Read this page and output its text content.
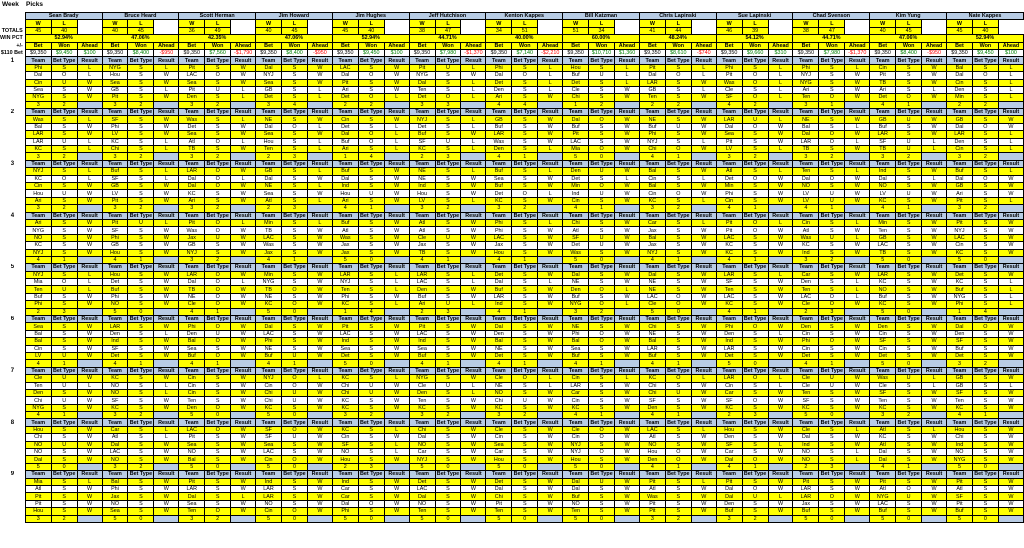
Week Picks
	Sean Brady			Bruce Heard			Scott Herman			Jim Howard			Jim Hughes			Jeff Hutchison			Kenton Kappes			Bill Katzman			Chris Lapinski			Sue Lapinski			Chad Svenson			Kim Yung			Nate Kappes		
	W	L		W	L		W	L		W	L		W	L		W	L		W	L		W	L		W	L		W	L		W	L		W	L		W	L	
TOTALS	45	40		40	45		36	49		40	45		45	40		38	47		34	51		51	34		41	44		46	39		38	47		40	45		45	40	
WIN PCT	52.94%			47.06%			42.35%			47.06%			52.94%			44.71%			40.00%			60.00%			48.24%			54.12%			44.71%			47.06%			52.94%		
+/-	Bet	Won	Ahead	Bet	Won	Ahead	Bet	Won	Ahead	Bet	Won	Ahead	Bet	Won	Ahead	Bet	Won	Ahead	Bet	Won	Ahead	Bet	Won	Ahead	Bet	Won	Ahead	Bet	Won	Ahead	Bet	Won	Ahead	Bet	Won	Ahead	Bet	Won	Ahead
$110 Bet	$9,350	$9,450	$100	$9,350	$8,400	-$950	$9,350	$7,560	-$1,790	$9,350	$8,400	-$950	$9,350	$9,450	$100	$9,350	$7,980	-$1,370	$9,350	$7,140	-$2,210	$9,350	$10,710	$1,360	$9,350	$8,610	-$740	$9,350	$9,660	$310	$9,350	$7,980	-$1,370	$9,350	$8,400	-$950	$9,350	$9,450	$100
1	Team	Bet Type	Result	Team	Bet Type	Result	Team	Bet Type	Result	Team	Bet Type	Result	Team	Bet Type	Result	Team	Bet Type	Result	Team	Bet Type	Result	Team	Bet Type	Result	Team	Bet Type	Result	Team	Bet Type	Result	Team	Bet Type	Result	Team	Bet Type	Result	Team	Bet Type	Result
	Phi	S	L	NYG	S	L	Pit	S	W	Dal	S	W	LAC	S	W	Pit	U	L	Phi	S	L	Hou	S	L	Pit	S	L	Phi	S	L	Phi	S	L	Cin	S	W	Bal	S	L
	Dal	O	L	Hou	S	W	LAC	O	W	NYJ	S	W	Dal	O	W	NYG	S	W	Dal	O	L	Buf	U	L	Dal	O	L	Pit	O	L	NYJ	S	W	Pit	S	W	Dal	O	L
	Cin	U	W	Sea	S	W	Sea	S	W	Sea	S	W	Pit	S	W	Dal	S	L	Det	S	L	Det	S	L	LAR	S	W	Was	O	L	NYG	S	W	TB	S	W	Cin	S	L
	Sea	S	W	GB	S	L	Pit	U	L	GB	S	L	Ari	S	W	Ten	S	L	Den	S	L	Cle	S	W	GB	S	L	Cle	S	L	Ari	S	W	Ari	S	L	Den	S	L
	NYG	S	W	Pit	S	W	Den	S	L	Det	S	L	Det	O	L	Det	O	L	Ari	S	W	Chi	S	W	Ten	S	W	SF	O	L	Ten	O	W	Det	O	W	Min	S	L
	3	2		3	2		3	2		3	4		2	2		3	3		4	4		1	2		2	2		4	2		3	1		4	1		2	2	
2	Team	Bet Type	Result	Team	Bet Type	Result	Team	Bet Type	Result	Team	Bet Type	Result	Team	Bet Type	Result	Team	Bet Type	Result	Team	Bet Type	Result	Team	Bet Type	Result	Team	Bet Type	Result	Team	Bet Type	Result	Team	Bet Type	Result	Team	Bet Type	Result	Team	Bet Type	Result
	Was	S	L	SF	S	W	Was	S	L	NE	S	W	Cin	S	W	NYJ	S	L	GB	S	W	Dal	O	W	NE	S	W	LAR	U	L	NE	S	W	GB	U	W	GB	S	W
	Bal	S	W	Phi	S	W	Det	S	W	Dal	O	L	Det	S	L	Det	S	L	Buf	S	W	Buf	S	W	Buf	U	W	Dal	O	W	Bal	S	L	Buf	S	W	Dal	O	W
	LAR	S	W	LV	S	W	Sea	S	W	Sea	S	W	Dal	O	L	Buf	S	W	LAR	S	W	Pit	S	W	Phi	S	W	Sea	S	W	Dal	O	W	LAR	S	W	LAR	S	L
	LAR	U	L	KC	S	L	Atl	O	L	Hou	S	L	Buf	O	L	SF	U	L	Was	S	W	LAC	S	W	NYJ	S	L	Pit	S	W	LAR	O	L	SF	U	L	Den	S	L
	KC	S	L	Chi	S	L	TB	S	W	Ten	S	L	Ari	S	L	KC	S	L	Den	S	L	Mia	O	W	Chi	O	W	LV	S	L	TB	S	W	TB	U	L	Cin	S	L
	3	2		3	2		3	2		2	3		1	4		2	3		4	1		5	0		4	1		3	2		3	2		3	2		3	2	
3	Team	Bet Type	Result	Team	Bet Type	Result	Team	Bet Type	Result	Team	Bet Type	Result	Team	Bet Type	Result	Team	Bet Type	Result	Team	Bet Type	Result	Team	Bet Type	Result	Team	Bet Type	Result	Team	Bet Type	Result	Team	Bet Type	Result	Team	Bet Type	Result	Team	Bet Type	Result
	NYJ	S	L	Buf	S	L	LAR	O	W	GB	S	L	Buf	S	W	NE	S	L	Buf	S	L	Den	U	W	Bal	S	W	Atl	S	L	Ten	S	L	Ind	S	W	Buf	S	L
	KC	O	L	SF	S	L	Dal	O	L	Dal	S	W	Dal	S	W	NE	S	W	Sea	S	W	Det	S	L	Cin	S	L	Det	O	W	Dal	O	W	Dal	S	L	Dal	O	W
	Cin	S	W	GB	S	W	Dal	O	W	NE	S	L	Ind	S	W	Ind	S	W	Buf	S	W	Min	O	W	Bal	S	W	Min	S	W	NO	S	W	NO	S	W	GB	S	W
	Hou	U	W	LV	S	W	KC	S	W	Sea	S	W	Hou	U	W	Hou	S	W	Det	O	L	Ind	U	W	Cin	O	W	Phi	S	W	LV	U	W	LV	U	W	Ari	S	W
	Ari	S	W	Pit	S	W	Ari	S	W	Atl	S	L	Ari	S	W	LV	S	L	KC	S	W	Cin	S	W	KC	S	L	Cin	S	W	LV	U	W	KC	S	W	Pit	S	L
	3	2		3	2		3	2		2	3		4	1		3	2		3	2		4	1		3	2		4	1		4	1		4	1		3	2	
4	Team	Bet Type	Result	Team	Bet Type	Result	Team	Bet Type	Result	Team	Bet Type	Result	Team	Bet Type	Result	Team	Bet Type	Result	Team	Bet Type	Result	Team	Bet Type	Result	Team	Bet Type	Result	Team	Bet Type	Result	Team	Bet Type	Result	Team	Bet Type	Result	Team	Bet Type	Result
	Ari	S	W	Pit	U	L	Pit	O	L	Min	S	L	Buf	S	W	Atl	S	W	Phi	S	L	Chi	S	W	Car	S	L	Pit	O	L	Cin	S	L	Min	S	W	Pit	S	W
	NYG	S	W	SF	S	W	Was	O	W	TB	S	W	Atl	S	W	Atl	S	W	Phi	S	W	Atl	S	W	Jax	S	W	Pit	O	W	Atl	S	W	Ten	S	W	NYJ	S	W
	NO	S	W	Phi	S	W	Jax	U	W	LAC	S	W	Was	S	W	Cle	U	W	LAC	S	W	SF	U	W	Bal	S	W	LAC	S	W	Was	U	L	GB	S	W	LAC	S	W
	KC	S	W	GB	S	W	GB	S	W	Was	S	W	Jax	S	W	Jax	S	W	Jax	S	W	Det	U	W	Jax	S	W	KC	S	W	KC	S	W	LAC	S	W	Cin	S	W
	NYJ	S	W	Hou	S	W	NYJ	S	W	Jax	S	W	Jax	S	W	TB	S	W	Hou	S	W	Was	S	W	NYJ	S	W	KC	S	W	Ind	S	W	TB	S	W	KC	S	W
	4	1		4	1		3	2		4	1		5	0		4	1		4	1		5	0		4	1		4	1		3	2		5	0		5	0	
5	Team	Bet Type	Result	Team	Bet Type	Result	Team	Bet Type	Result	Team	Bet Type	Result	Team	Bet Type	Result	Team	Bet Type	Result	Team	Bet Type	Result	Team	Bet Type	Result	Team	Bet Type	Result	Team	Bet Type	Result	Team	Bet Type	Result	Team	Bet Type	Result	Team	Bet Type	Result
	NYJ	S	L	Hou	S	W	LAR	O	W	Min	S	W	LAR	S	L	LAR	S	L	Det	S	W	Dal	S	W	Dal	S	W	LAR	S	L	Car	S	W	LAR	S	W	Det	S	W
	Mia	O	L	Det	S	W	Dal	O	L	NYG	S	W	NYJ	S	L	LAC	S	L	Dal	S	L	NE	S	W	NE	S	W	SF	S	W	Den	S	L	KC	S	W	KC	S	L
	Ten	U	L	Buf	S	W	TB	O	W	TB	O	W	Ten	S	L	Den	S	W	Buf	S	W	Den	O	L	NE	S	W	Ten	S	W	Ten	S	L	NO	S	W	Buf	S	L
	Buf	S	W	Phi	S	W	NE	O	W	NE	S	W	Phi	S	W	Buf	S	W	LAR	S	W	Buf	S	W	LAC	O	W	LAC	S	W	LAC	O	L	Buf	S	W	NYG	S	L
	Phi	S	W	NO	S	W	Cle	O	W	KC	O	W	KC	S	L	Ari	U	L	Ind	S	W	NYG	O	L	Cle	O	W	KC	S	W	Cle	O	W	KC	S	W	Phi	S	L
	2	3		5	0		4	1		5	0		1	4		2	3		4	1		3	2		5	0		4	1		2	3		5	0		1	4	
6	Team	Bet Type	Result	Team	Bet Type	Result	Team	Bet Type	Result	Team	Bet Type	Result	Team	Bet Type	Result	Team	Bet Type	Result	Team	Bet Type	Result	Team	Bet Type	Result	Team	Bet Type	Result	Team	Bet Type	Result	Team	Bet Type	Result	Team	Bet Type	Result	Team	Bet Type	Result
	Sea	S	W	LAR	S	W	Phi	O	W	Dal	S	W	Pit	S	W	Pit	S	W	Dal	S	W	NE	S	W	Chi	S	W	Phi	O	W	Den	S	W	Den	S	W	Dal	O	W
	Bal	S	W	Den	S	L	Den	U	W	LAC	S	W	LAC	S	W	LAC	S	W	Den	S	W	Phi	O	W	NE	S	W	Den	S	L	Cin	S	W	Cin	S	W	Den	S	W
	Bal	S	W	Ind	S	W	Bal	O	W	Phi	S	W	Ind	S	W	Ind	S	W	Bal	S	W	Bal	O	W	Bal	S	W	Ind	S	W	Phi	O	W	SF	S	W	SF	S	W
	Cin	S	W	SF	S	W	Sea	S	W	NE	S	W	Sea	S	W	Sea	S	W	NE	S	W	Sea	S	W	LAR	S	W	LAR	S	W	Cin	S	W	Cin	S	W	Buf	S	W
	LV	U	W	Det	S	W	Buf	O	W	Buf	U	W	Det	S	W	Buf	S	W	Det	S	W	Buf	S	W	Buf	S	W	Det	S	W	Det	S	W	Det	S	W	Det	S	W
	4	1		4	1		4	1		4	1		5	0		4	1		4	1		4	1		4	1		5	0		4	1		5	0		3	2	
7	Team	Bet Type	Result	Team	Bet Type	Result	Team	Bet Type	Result	Team	Bet Type	Result	Team	Bet Type	Result	Team	Bet Type	Result	Team	Bet Type	Result	Team	Bet Type	Result	Team	Bet Type	Result	Team	Bet Type	Result	Team	Bet Type	Result	Team	Bet Type	Result	Team	Bet Type	Result
	Cle	U	W	KC	S	W	Cin	S	W	NYJ	O	L	KC	S	L	NYG	S	W	Cle	O	L	Cin	S	L	KC	O	L	LAR	O	L	Cle	U	W	Was	U	L	GB	S	W
	Ten	U	L	NO	S	L	Cin	S	W	Cin	O	W	Chi	U	W	Cle	U	L	NE	S	L	LAR	S	W	Chi	S	W	Cin	S	L	Cle	U	W	Cle	S	L	GB	S	L
	Den	S	W	NO	S	L	Cin	S	W	Chi	U	W	Chi	U	W	Den	S	L	NO	S	W	Car	S	W	Chi	U	W	Car	S	W	Ten	S	W	SF	S	W	SF	S	W
	Chi	U	W	SF	S	W	Ten	S	W	Chi	U	W	KC	S	W	Ten	S	W	Chi	U	W	Cin	S	W	SF	S	W	SF	O	W	SF	S	W	Ten	S	W	Ten	S	W
	NYG	S	W	KC	S	W	Den	O	W	KC	S	W	KC	S	W	KC	S	W	KC	S	W	KC	S	W	Den	S	W	KC	S	W	KC	S	W	KC	S	W	KC	S	W
	4	1		3	2		5	0		5	0		3	2		3	2		3	2		4	1		4	1		2	3		5	0		3	2		4	1	
8	Team	Bet Type	Result	Team	Bet Type	Result	Team	Bet Type	Result	Team	Bet Type	Result	Team	Bet Type	Result	Team	Bet Type	Result	Team	Bet Type	Result	Team	Bet Type	Result	Team	Bet Type	Result	Team	Bet Type	Result	Team	Bet Type	Result	Team	Bet Type	Result	Team	Bet Type	Result
	Hou	S	W	Car	S	L	LAC	O	W	SF	O	W	KC	S	L	Chi	S	W	Cle	S	W	Cle	O	W	LAC	S	L	Hou	S	W	Cle	S	L	Atl	S	L	Hou	S	W
	Chi	S	W	Atl	S	L	Pit	S	W	SF	U	W	Cin	S	W	Dal	S	W	Cin	S	W	Cin	O	W	Atl	S	W	Den	S	W	Dal	S	W	KC	S	W	Chi	S	W
	NO	U	W	Dal	S	W	Sea	S	W	Sea	S	W	SF	S	L	NO	S	W	Sea	S	W	NYJ	S	W	NO	S	W	SF	S	L	Ind	S	W	Atl	S	W	Ind	S	W
	NO	S	W	LAC	S	W	NO	S	W	LAC	S	W	NO	S	L	Car	S	W	Car	S	W	NYJ	O	W	Hou	O	W	Car	S	W	NO	S	L	Dal	S	W	NO	S	W
	Dal	S	W	NO	S	W	Bal	S	W	Cin	O	W	Hou	S	W	NYJ	S	W	Hou	S	W	Hou	S	W	Den	O	W	Dal	O	W	NO	S	L	Dal	S	W	NYG	S	W
	5	0		3	2		5	0		5	0		2	3		5	0		5	0		5	0		4	1		4	1		2	3		4	1		5	0	
9	Team	Bet Type	Result	Team	Bet Type	Result	Team	Bet Type	Result	Team	Bet Type	Result	Team	Bet Type	Result	Team	Bet Type	Result	Team	Bet Type	Result	Team	Bet Type	Result	Team	Bet Type	Result	Team	Bet Type	Result	Team	Bet Type	Result	Team	Bet Type	Result	Team	Bet Type	Result
	Mia	S	L	Bal	S	W	Pit	S	W	Ind	S	W	Ind	S	W	Det	S	W	Det	S	W	Dal	U	W	Pit	S	L	Pit	S	W	Pit	S	W	Pit	S	W	Pit	S	W
	Atl	S	W	Phi	S	W	LAR	S	W	LAR	S	W	Car	S	W	LAC	S	W	Dal	S	W	Dal	S	W	Atl	S	W	Dal	O	W	LAR	S	W	Atl	O	W	Atl	S	W
	Pit	S	W	Jax	S	W	Dal	S	L	LAR	S	W	Car	S	W	Dal	S	W	Chi	S	W	Buf	S	W	Was	S	W	Dal	U	L	LAR	O	W	NYG	U	W	SF	S	W
	Pit	S	W	NO	S	W	Sea	S	W	NO	S	W	Dal	O	W	NO	S	W	Pit	S	W	NO	S	W	Pit	S	W	Den	S	W	Jax	S	W	LAC	S	W	Pit	S	W
	Hou	S	W	Sea	S	W	Ten	O	W	Cin	O	W	Phi	S	W	Ten	S	W	Ten	S	W	Ten	S	W	Pit	S	W	Buf	S	W	Buf	S	W	Buf	S	W	Buf	S	W
	3	2		5	0		3	2		5	0		5	0		5	0		5	0		5	0		3	2		3	2		5	0		5	0		5	0	
